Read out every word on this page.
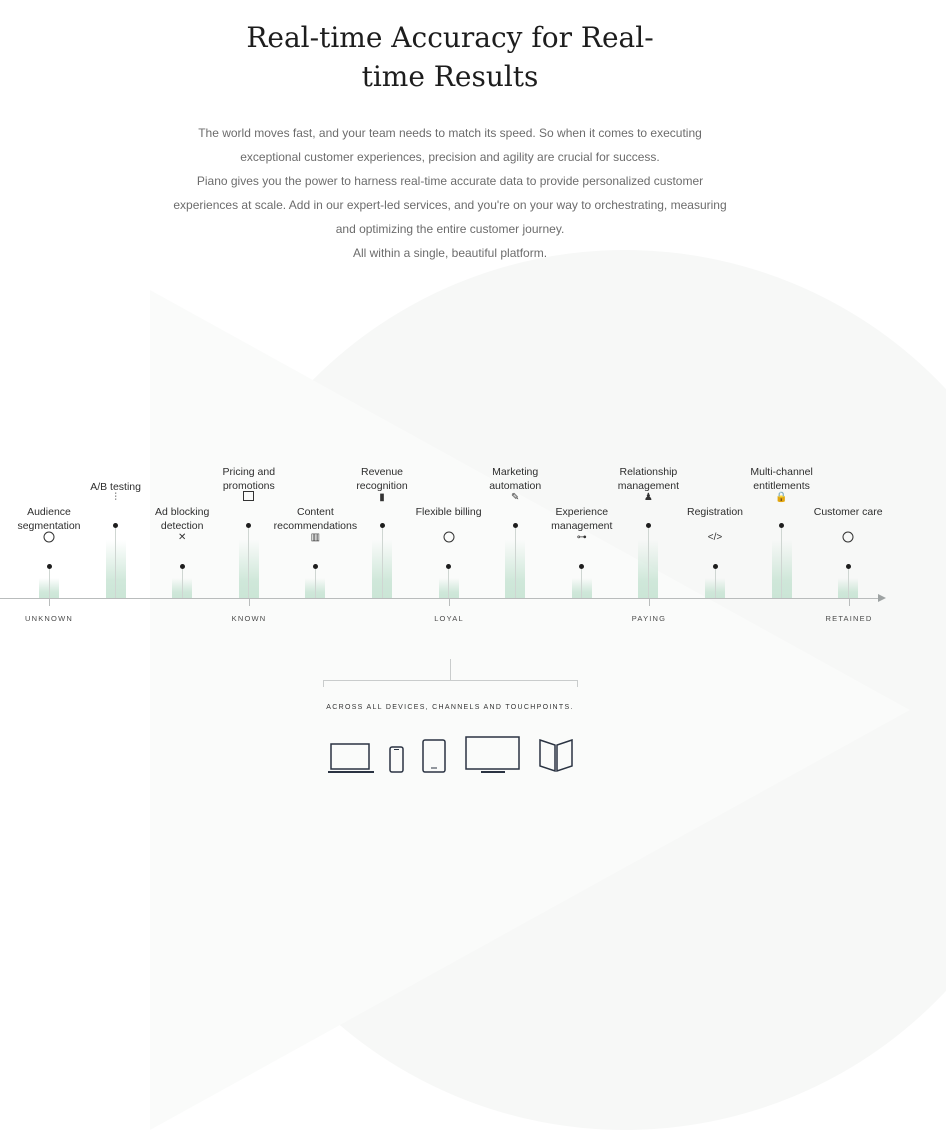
Real-time Accuracy for Real-time Results

The world moves fast, and your team needs to match its speed. So when it comes to executing exceptional customer experiences, precision and agility are crucial for success.

Piano gives you the power to harness real-time accurate data to provide personalized customer experiences at scale. Add in our expert-led services, and you're on your way to orchestrating, measuring and optimizing the entire customer journey.

All within a single, beautiful platform.

Audience segmentation
⫶
A/B testing
✕
Ad blocking detection
Pricing and promotions
▥
Content recommendations
▮
Revenue recognition
Flexible billing
✎
Marketing automation
⊶
Experience management
♟
Relationship management
</>
Registration
🔒
Multi-channel entitlements
Customer care
UNKNOWN	KNOWN	LOYAL	PAYING	RETAINED
ACROSS ALL DEVICES, CHANNELS AND TOUCHPOINTS.
